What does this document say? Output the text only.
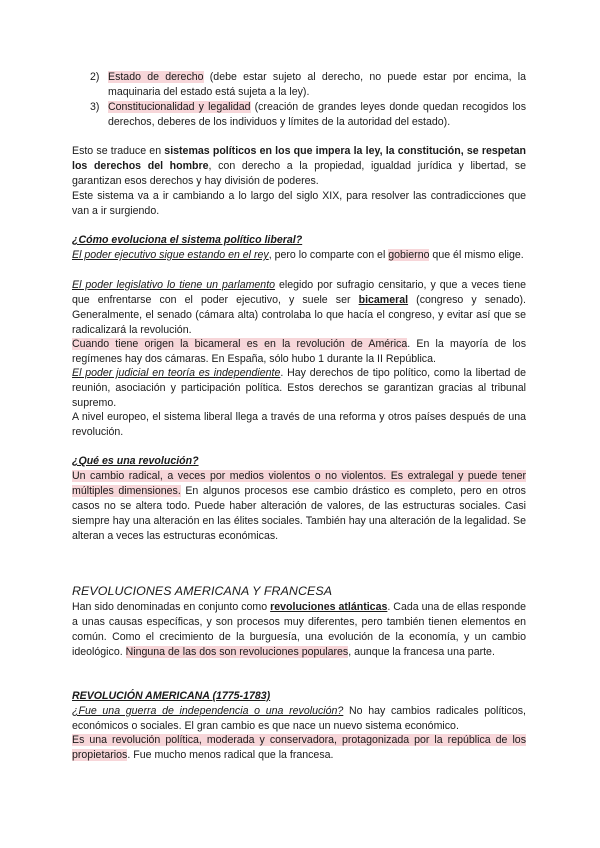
2) Estado de derecho (debe estar sujeto al derecho, no puede estar por encima, la maquinaria del estado está sujeta a la ley).

3) Constitucionalidad y legalidad (creación de grandes leyes donde quedan recogidos los derechos, deberes de los individuos y límites de la autoridad del estado).

Esto se traduce en sistemas políticos en los que impera la ley, la constitución, se respetan los derechos del hombre, con derecho a la propiedad, igualdad jurídica y libertad, se garantizan esos derechos y hay división de poderes.

Este sistema va a ir cambiando a lo largo del siglo XIX, para resolver las contradicciones que van a ir surgiendo.

¿Cómo evoluciona el sistema político liberal?

El poder ejecutivo sigue estando en el rey, pero lo comparte con el gobierno que él mismo elige.

El poder legislativo lo tiene un parlamento elegido por sufragio censitario, y que a veces tiene que enfrentarse con el poder ejecutivo, y suele ser bicameral (congreso y senado). Generalmente, el senado (cámara alta) controlaba lo que hacía el congreso, y evitar así que se radicalizará la revolución.

Cuando tiene origen la bicameral es en la revolución de América. En la mayoría de los regímenes hay dos cámaras. En España, sólo hubo 1 durante la II República.

El poder judicial en teoría es independiente. Hay derechos de tipo político, como la libertad de reunión, asociación y participación política. Estos derechos se garantizan gracias al tribunal supremo.

A nivel europeo, el sistema liberal llega a través de una reforma y otros países después de una revolución.

¿Qué es una revolución?

Un cambio radical, a veces por medios violentos o no violentos. Es extralegal y puede tener múltiples dimensiones. En algunos procesos ese cambio drástico es completo, pero en otros casos no se altera todo. Puede haber alteración de valores, de las estructuras sociales. Casi siempre hay una alteración en las élites sociales. También hay una alteración de la legalidad. Se alteran a veces las estructuras económicas.

REVOLUCIONES AMERICANA Y FRANCESA

Han sido denominadas en conjunto como revoluciones atlánticas. Cada una de ellas responde a unas causas específicas, y son procesos muy diferentes, pero también tienen elementos en común. Como el crecimiento de la burguesía, una evolución de la economía, y un cambio ideológico. Ninguna de las dos son revoluciones populares, aunque la francesa una parte.

REVOLUCIÓN AMERICANA (1775-1783)

¿Fue una guerra de independencia o una revolución? No hay cambios radicales políticos, económicos o sociales. El gran cambio es que nace un nuevo sistema económico.

Es una revolución política, moderada y conservadora, protagonizada por la república de los propietarios. Fue mucho menos radical que la francesa.
